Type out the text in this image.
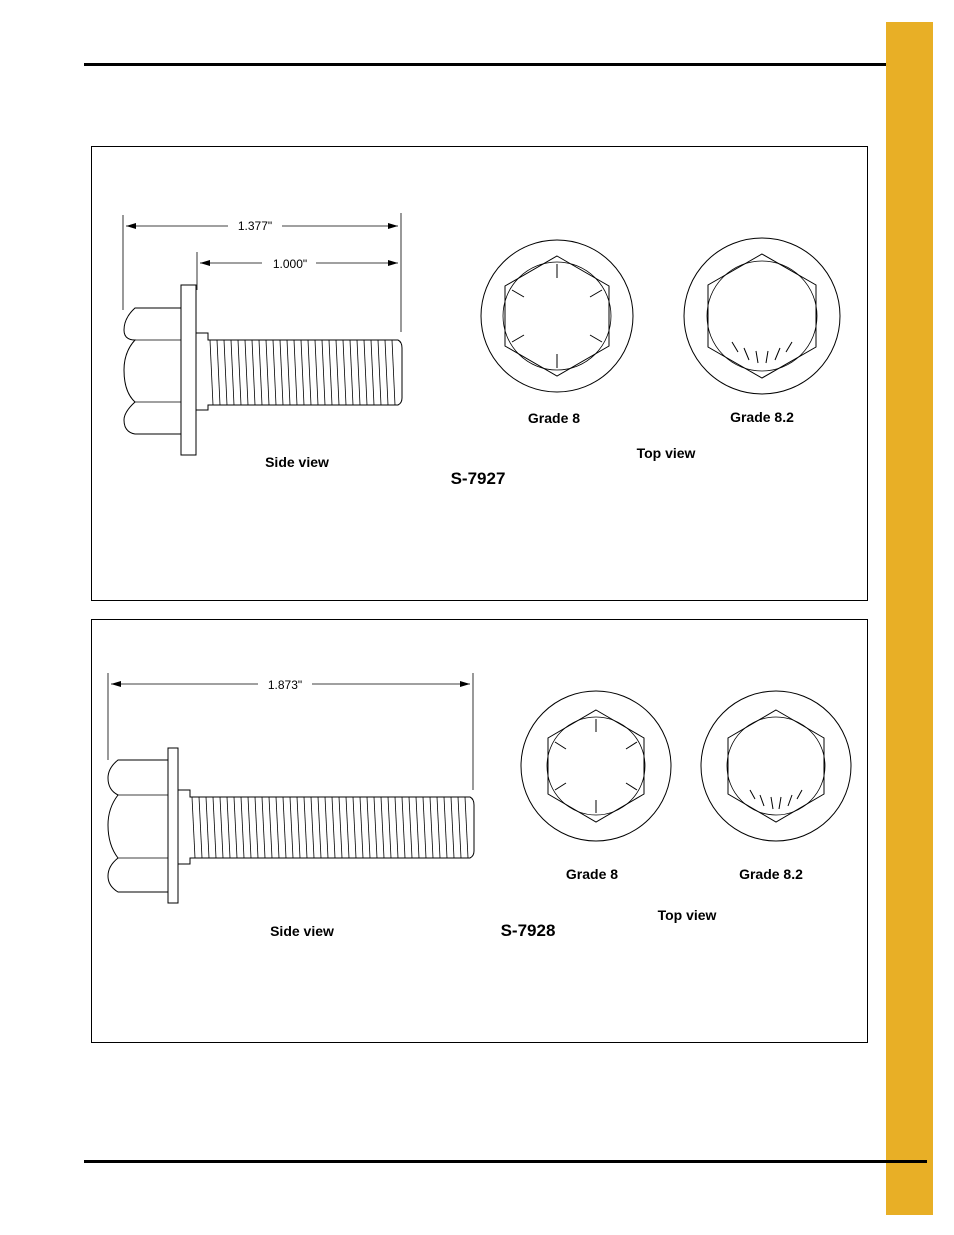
1.377"
1.000"
Side view
S-7927
Grade 8	Grade 8.2
Top view
1.873"
Side view	S-7928
Grade 8	Grade 8.2
Top view
